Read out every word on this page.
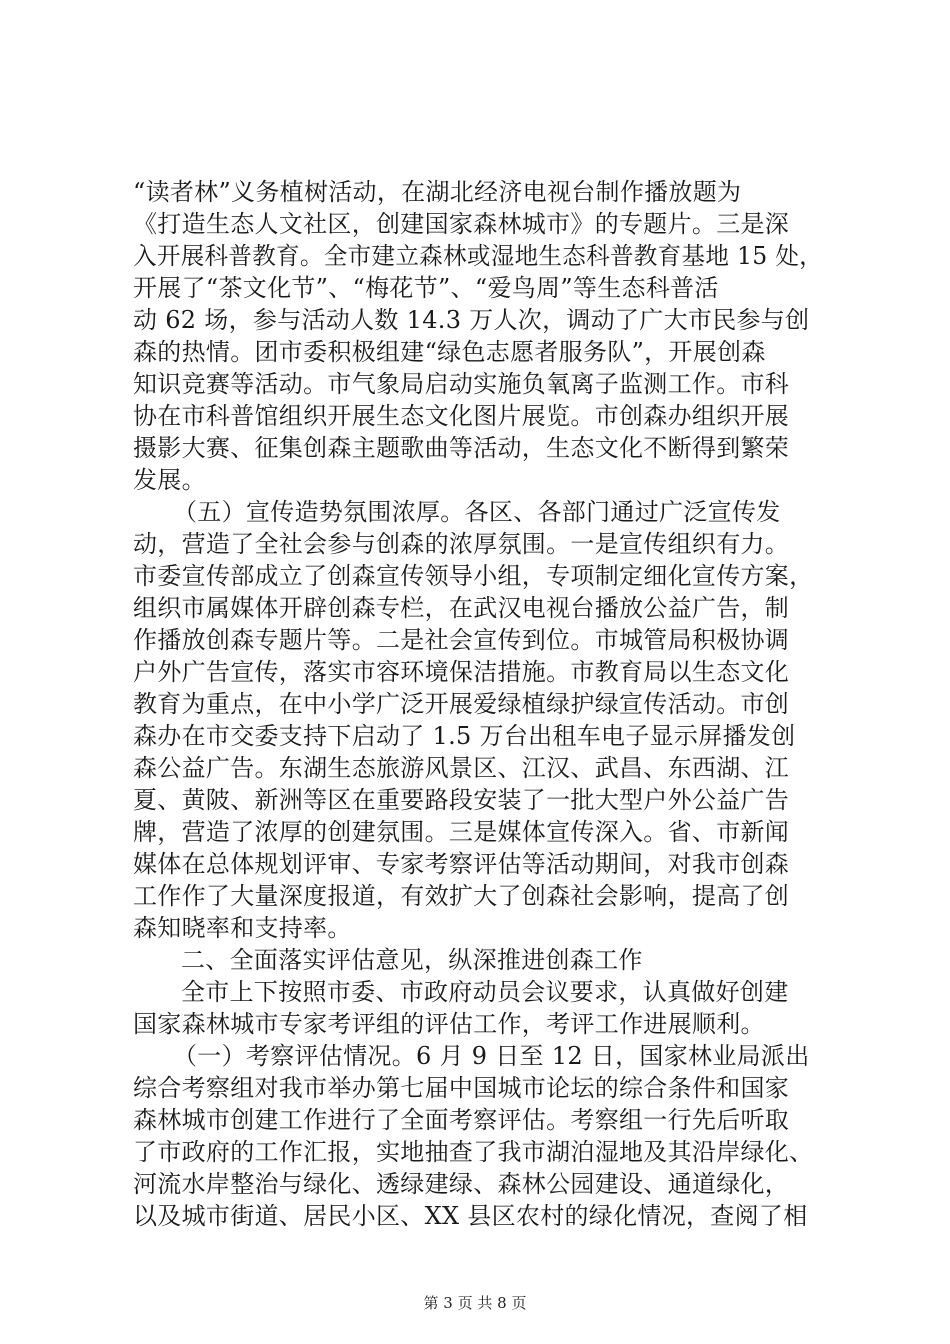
“读者林”义务植树活动，在湖北经济电视台制作播放题为
《打造生态人文社区，创建国家森林城市》的专题片。三是深
入开展科普教育。全市建立森林或湿地生态科普教育基地 15 处，
开展了“茶文化节”、“梅花节”、“爱鸟周”等生态科普活
动 62 场，参与活动人数 14.3 万人次，调动了广大市民参与创
森的热情。团市委积极组建“绿色志愿者服务队”，开展创森
知识竞赛等活动。市气象局启动实施负氧离子监测工作。市科
协在市科普馆组织开展生态文化图片展览。市创森办组织开展
摄影大赛、征集创森主题歌曲等活动，生态文化不断得到繁荣
发展。
（五）宣传造势氛围浓厚。各区、各部门通过广泛宣传发
动，营造了全社会参与创森的浓厚氛围。一是宣传组织有力。
市委宣传部成立了创森宣传领导小组，专项制定细化宣传方案，
组织市属媒体开辟创森专栏，在武汉电视台播放公益广告，制
作播放创森专题片等。二是社会宣传到位。市城管局积极协调
户外广告宣传，落实市容环境保洁措施。市教育局以生态文化
教育为重点，在中小学广泛开展爱绿植绿护绿宣传活动。市创
森办在市交委支持下启动了 1.5 万台出租车电子显示屏播发创
森公益广告。东湖生态旅游风景区、江汉、武昌、东西湖、江
夏、黄陂、新洲等区在重要路段安装了一批大型户外公益广告
牌，营造了浓厚的创建氛围。三是媒体宣传深入。省、市新闻
媒体在总体规划评审、专家考察评估等活动期间，对我市创森
工作作了大量深度报道，有效扩大了创森社会影响，提高了创
森知晓率和支持率。
二、全面落实评估意见，纵深推进创森工作
全市上下按照市委、市政府动员会议要求，认真做好创建
国家森林城市专家考评组的评估工作，考评工作进展顺利。
（一）考察评估情况。6 月 9 日至 12 日，国家林业局派出
综合考察组对我市举办第七届中国城市论坛的综合条件和国家
森林城市创建工作进行了全面考察评估。考察组一行先后听取
了市政府的工作汇报，实地抽查了我市湖泊湿地及其沿岸绿化、
河流水岸整治与绿化、透绿建绿、森林公园建设、通道绿化，
以及城市街道、居民小区、XX 县区农村的绿化情况，查阅了相
第 3 页 共 8 页
